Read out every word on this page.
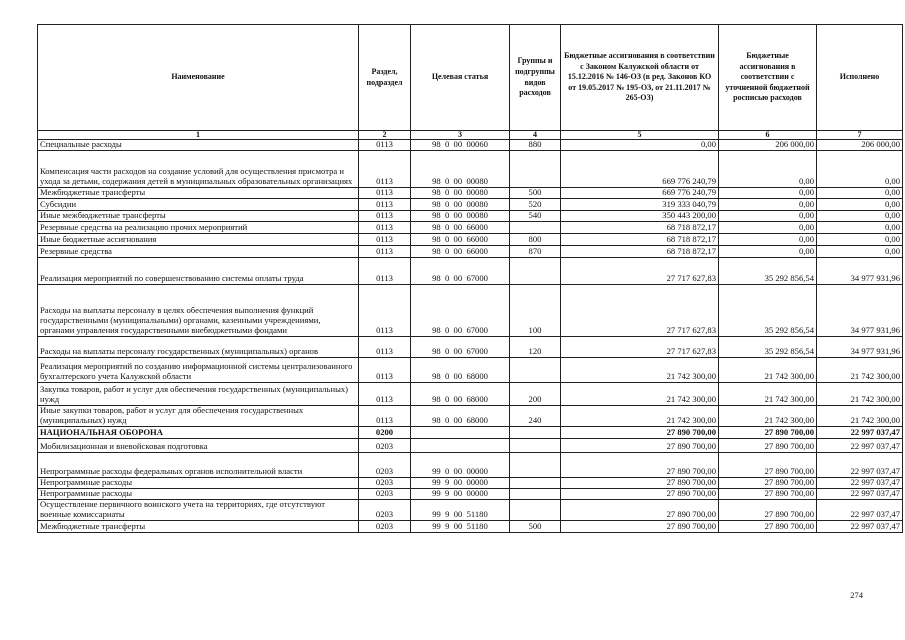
Наименование	Раздел, подраздел	Целевая статья	Группы и подгруппы видов расходов	Бюджетные ассигнования в соответствии с Законом Калужской области от 15.12.2016 № 146-ОЗ (в ред. Законов КО от 19.05.2017 № 195-ОЗ, от 21.11.2017 № 265-ОЗ)	Бюджетные ассигнования в соответствии с уточненной бюджетной росписью расходов	Исполнено
1	2	3	4	5	6	7
Специальные расходы	0113	98  0  00  00060	880	0,00	206 000,00	206 000,00
Компенсация части расходов на создание условий для осуществления присмотра и ухода за детьми, содержания детей в муниципальных образовательных организациях	0113	98  0  00  00080		669 776 240,79	0,00	0,00
Межбюджетные трансферты	0113	98  0  00  00080	500	669 776 240,79	0,00	0,00
Субсидии	0113	98  0  00  00080	520	319 333 040,79	0,00	0,00
Иные межбюджетные трансферты	0113	98  0  00  00080	540	350 443 200,00	0,00	0,00
Резервные средства на реализацию прочих мероприятий	0113	98  0  00  66000		68 718 872,17	0,00	0,00
Иные бюджетные ассигнования	0113	98  0  00  66000	800	68 718 872,17	0,00	0,00
Резервные средства	0113	98  0  00  66000	870	68 718 872,17	0,00	0,00
Реализация мероприятий по совершенствованию системы оплаты труда	0113	98  0  00  67000		27 717 627,83	35 292 856,54	34 977 931,96
Расходы на выплаты персоналу в целях обеспечения выполнения функций государственными (муниципальными) органами, казенными учреждениями, органами управления государственными внебюджетными фондами	0113	98  0  00  67000	100	27 717 627,83	35 292 856,54	34 977 931,96
Расходы на выплаты персоналу государственных (муниципальных) органов	0113	98  0  00  67000	120	27 717 627,83	35 292 856,54	34 977 931,96
Реализация мероприятий по созданию информационной системы централизованного бухгалтерского учета Калужской области	0113	98  0  00  68000		21 742 300,00	21 742 300,00	21 742 300,00
Закупка товаров, работ и услуг для обеспечения государственных (муниципальных) нужд	0113	98  0  00  68000	200	21 742 300,00	21 742 300,00	21 742 300,00
Иные закупки товаров, работ и услуг для обеспечения государственных (муниципальных) нужд	0113	98  0  00  68000	240	21 742 300,00	21 742 300,00	21 742 300,00
НАЦИОНАЛЬНАЯ ОБОРОНА	0200			27 890 700,00	27 890 700,00	22 997 037,47
Мобилизационная и вневойсковая подготовка	0203			27 890 700,00	27 890 700,00	22 997 037,47
Непрограммные расходы федеральных органов исполнительной власти	0203	99  0  00  00000		27 890 700,00	27 890 700,00	22 997 037,47
Непрограммные расходы	0203	99  9  00  00000		27 890 700,00	27 890 700,00	22 997 037,47
Непрограммные расходы	0203	99  9  00  00000		27 890 700,00	27 890 700,00	22 997 037,47
Осуществление первичного воинского учета на территориях, где отсутствуют военные комиссариаты	0203	99  9  00  51180		27 890 700,00	27 890 700,00	22 997 037,47
Межбюджетные трансферты	0203	99  9  00  51180	500	27 890 700,00	27 890 700,00	22 997 037,47
274
